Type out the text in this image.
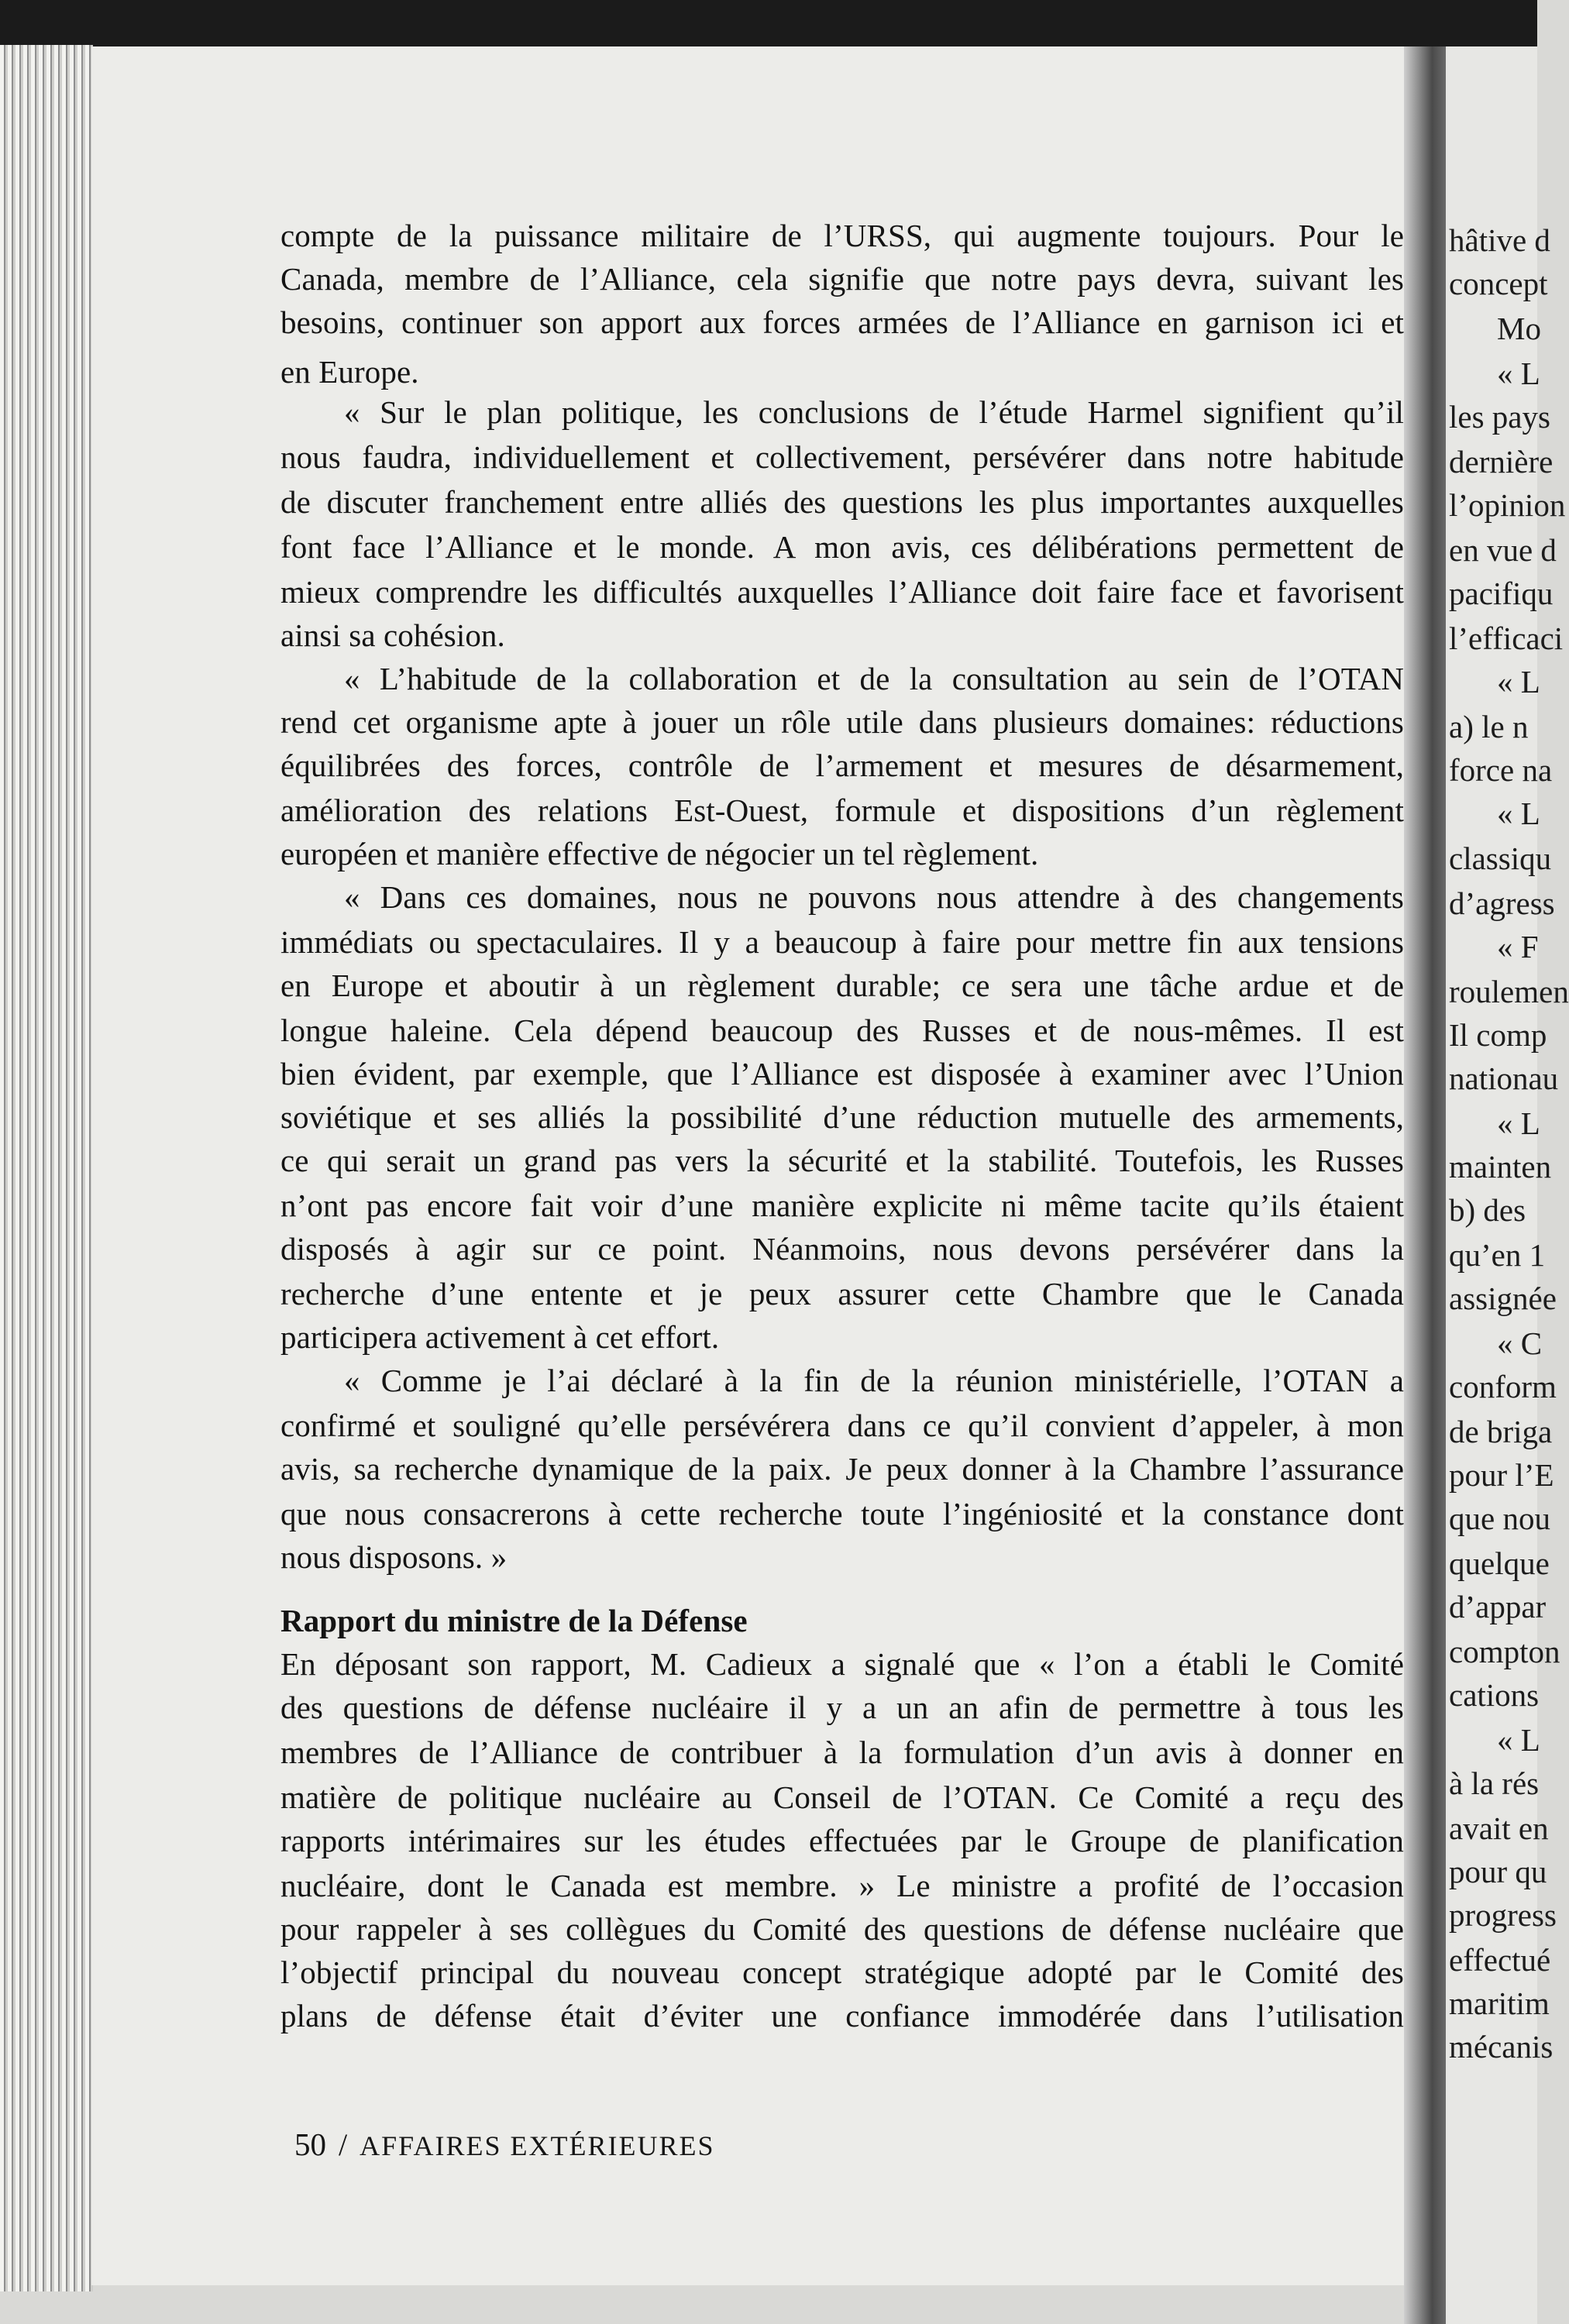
compte de la puissance militaire de l’URSS, qui augmente toujours. Pour le
Canada, membre de l’Alliance, cela signifie que notre pays devra, suivant les
besoins, continuer son apport aux forces armées de l’Alliance en garnison ici et
en Europe.
« Sur le plan politique, les conclusions de l’étude Harmel signifient qu’il
nous faudra, individuellement et collectivement, persévérer dans notre habitude
de discuter franchement entre alliés des questions les plus importantes auxquelles
font face l’Alliance et le monde. A mon avis, ces délibérations permettent de
mieux comprendre les difficultés auxquelles l’Alliance doit faire face et favorisent
ainsi sa cohésion.
« L’habitude de la collaboration et de la consultation au sein de l’OTAN
rend cet organisme apte à jouer un rôle utile dans plusieurs domaines: réductions
équilibrées des forces, contrôle de l’armement et mesures de désarmement,
amélioration des relations Est-Ouest, formule et dispositions d’un règlement
européen et manière effective de négocier un tel règlement.
« Dans ces domaines, nous ne pouvons nous attendre à des changements
immédiats ou spectaculaires. Il y a beaucoup à faire pour mettre fin aux tensions
en Europe et aboutir à un règlement durable; ce sera une tâche ardue et de
longue haleine. Cela dépend beaucoup des Russes et de nous-mêmes. Il est
bien évident, par exemple, que l’Alliance est disposée à examiner avec l’Union
soviétique et ses alliés la possibilité d’une réduction mutuelle des armements,
ce qui serait un grand pas vers la sécurité et la stabilité. Toutefois, les Russes
n’ont pas encore fait voir d’une manière explicite ni même tacite qu’ils étaient
disposés à agir sur ce point. Néanmoins, nous devons persévérer dans la
recherche d’une entente et je peux assurer cette Chambre que le Canada
participera activement à cet effort.
« Comme je l’ai déclaré à la fin de la réunion ministérielle, l’OTAN a
confirmé et souligné qu’elle persévérera dans ce qu’il convient d’appeler, à mon
avis, sa recherche dynamique de la paix. Je peux donner à la Chambre l’assurance
que nous consacrerons à cette recherche toute l’ingéniosité et la constance dont
nous disposons. »
Rapport du ministre de la Défense
En déposant son rapport, M. Cadieux a signalé que « l’on a établi le Comité
des questions de défense nucléaire il y a un an afin de permettre à tous les
membres de l’Alliance de contribuer à la formulation d’un avis à donner en
matière de politique nucléaire au Conseil de l’OTAN. Ce Comité a reçu des
rapports intérimaires sur les études effectuées par le Groupe de planification
nucléaire, dont le Canada est membre. » Le ministre a profité de l’occasion
pour rappeler à ses collègues du Comité des questions de défense nucléaire que
l’objectif principal du nouveau concept stratégique adopté par le Comité des
plans de défense était d’éviter une confiance immodérée dans l’utilisation
50 / AFFAIRES EXTÉRIEURES
hâtive d
concept
Mo
« L
les pays
dernière
l’opinion
en vue d
pacifiqu
l’efficaci
« L
a) le n
force na
« L
classiqu
d’agress
« F
roulemen
Il comp
nationau
« L
mainten
b) des
qu’en 1
assignée
« C
conform
de briga
pour l’E
que nou
quelque
d’appar
compton
cations
« L
à la rés
avait en
pour qu
progress
effectué
maritim
mécanis
